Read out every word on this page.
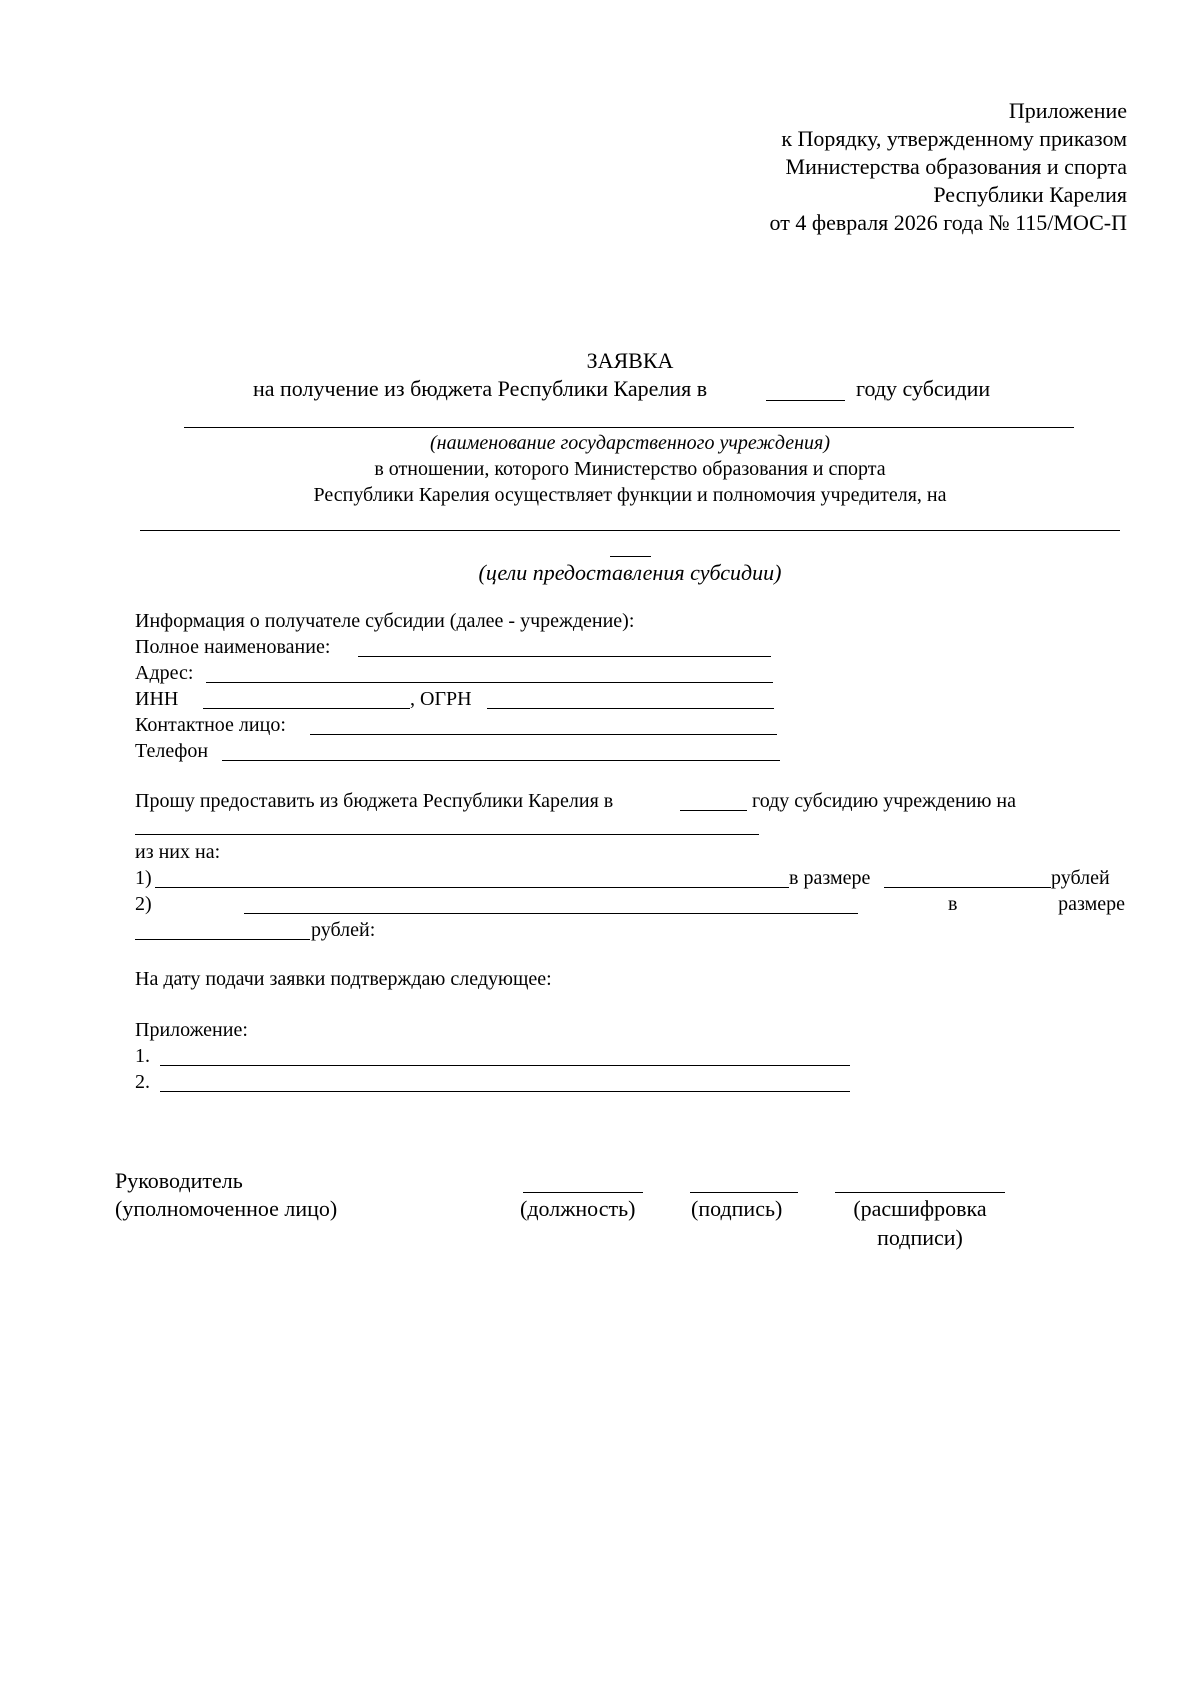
Приложение
к Порядку, утвержденному приказом
Министерства образования и спорта
Республики Карелия
от 4 февраля 2026 года № 115/МОС-П
ЗАЯВКА
на получение из бюджета Республики Карелия в	году субсидии
(наименование государственного учреждения)
в отношении, которого Министерство образования и спорта
Республики Карелия осуществляет функции и полномочия учредителя, на
(цели предоставления субсидии)
Информация о получателе субсидии (далее - учреждение):
Полное наименование:
Адрес:
ИНН	, ОГРН
Контактное лицо:
Телефон
Прошу предоставить из бюджета Республики Карелия в	году субсидию учреждению на
из них на:
1)	в размере	рублей
2)	в	размере
рублей:
На дату подачи заявки подтверждаю следующее:
Приложение:
1.
2.
Руководитель
(уполномоченное лицо)	(должность)	(подпись)	(расшифровка
подписи)
